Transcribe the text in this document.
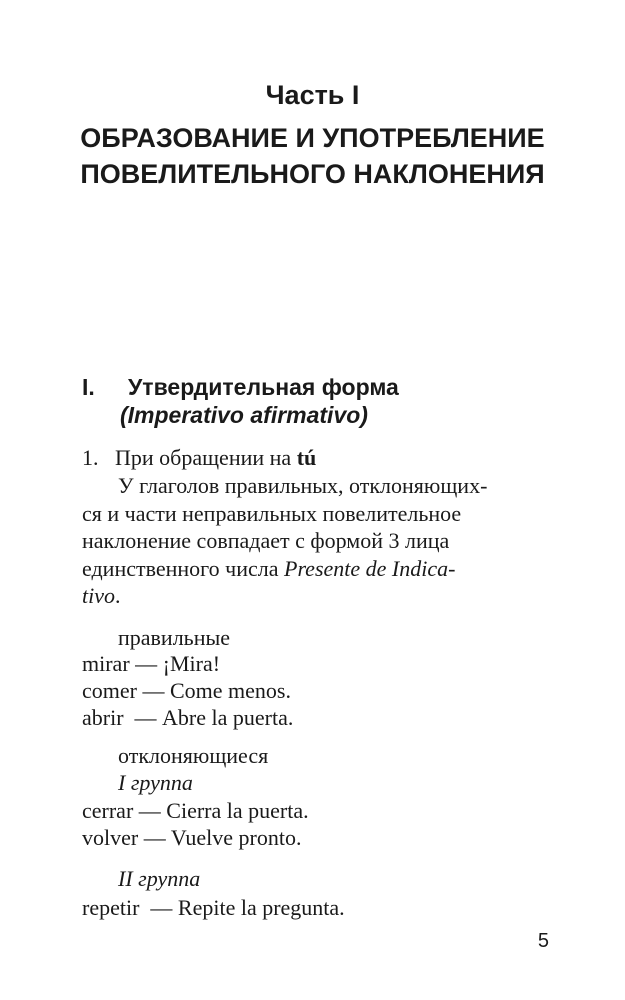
Часть I
ОБРАЗОВАНИЕ И УПОТРЕБЛЕНИЕ
ПОВЕЛИТЕЛЬНОГО НАКЛОНЕНИЯ
I. Утвердительная форма
(Imperativo afirmativo)
1. При обращении на tú
У глаголов правильных, отклоняющих-
ся и части неправильных повелительное
наклонение совпадает с формой 3 лица
единственного числа Presente de Indica-
tivo.
правильные
mirar — ¡Mira!
comer — Come menos.
abrir — Abre la puerta.
отклоняющиеся
I группа
cerrar — Cierra la puerta.
volver — Vuelve pronto.
II группа
repetir — Repite la pregunta.
5
